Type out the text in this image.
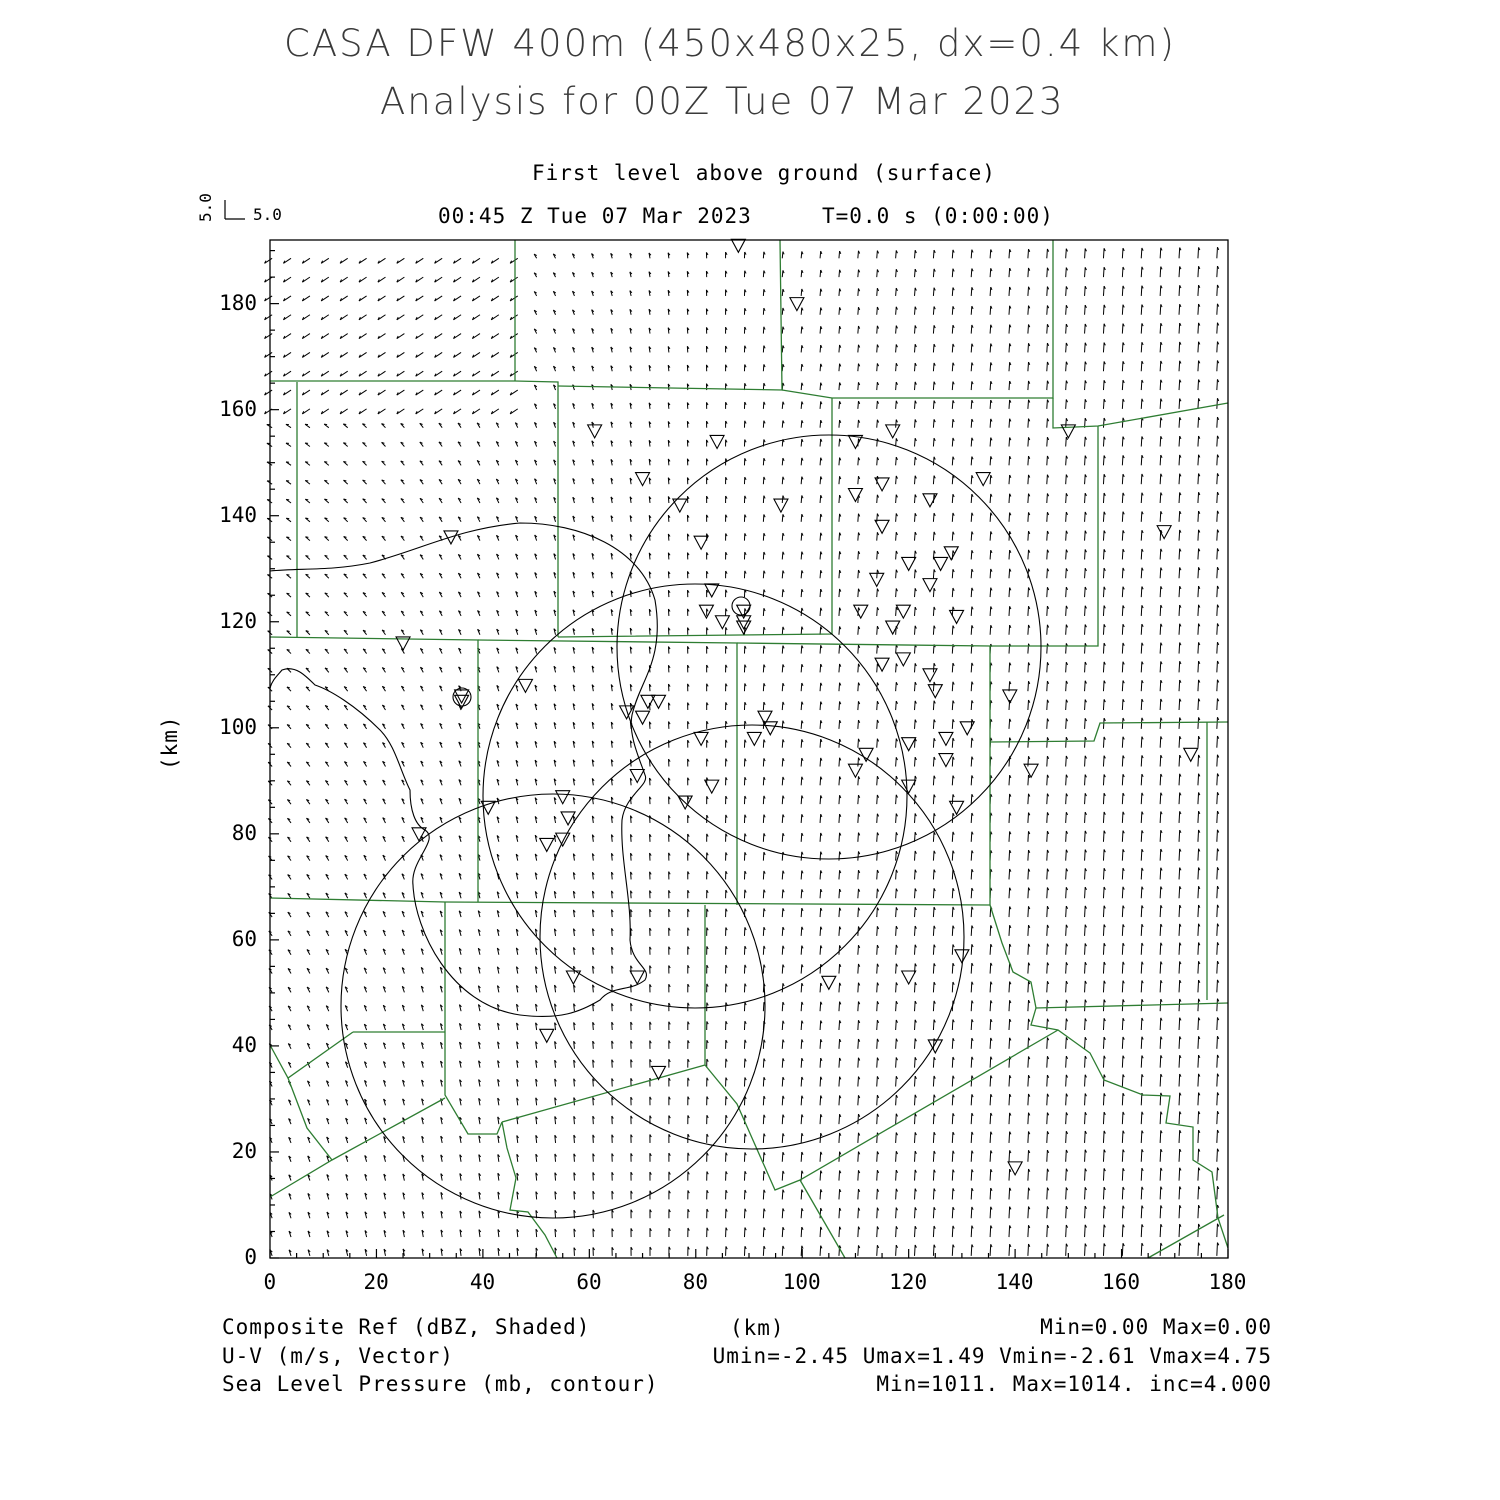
CASA DFW 400m (450x480x25, dx=0.4 km)
Analysis for 00Z Tue 07 Mar 2023
First level above ground (surface)
00:45 Z Tue 07 Mar 2023	T=0.0 s (0:00:00)
5.0 5.0
0	20	40	60	80	100	120	140	160	180
0
20
40
60
80
100
120
140
160
180
(km)
(km)
Composite Ref (dBZ, Shaded)	Min=0.00 Max=0.00
U-V (m/s, Vector)	Umin=-2.45 Umax=1.49 Vmin=-2.61 Vmax=4.75
Sea Level Pressure (mb, contour)	Min=1011. Max=1014. inc=4.000
